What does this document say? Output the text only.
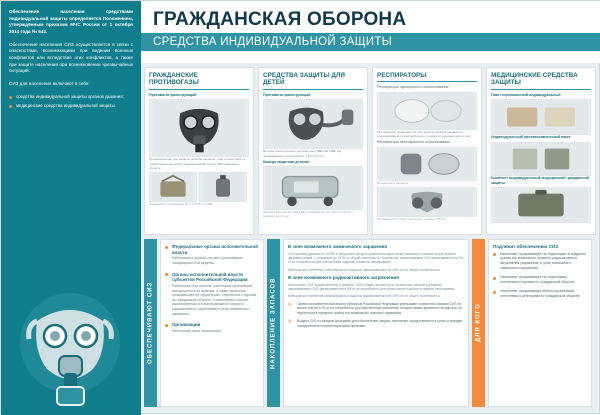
Обеспечение населения средствами индивидуальной защиты определяется Положением, утверждённым приказом МЧС России от 1 октября 2014 года № 543.

Обеспечение населения СИЗ осуществляется в связи с опасностями, возникающими при ведении военных конфликтов или вследствие этих конфликтов, а также при защите населения при возникновении чрезвычайных ситуаций.

СИЗ для населения включают в себя:

средства индивидуальной защиты органов дыхания;
медицинские средства индивидуальной защиты.
ГРАЖДАНСКАЯ ОБОРОНА
СРЕДСТВА ИНДИВИДУАЛЬНОЙ ЗАЩИТЫ
ГРАЖДАНСКИЕ ПРОТИВОГАЗЫ

Противогаз фильтрующий

Предназначены для защиты органов дыхания, глаз и кожи лица от отравляющих веществ, радиоактивной пыли и бактериальных средств.

Гражданские противогазы ГП-7, ГП-7В, ГП-7ВМ.

СРЕДСТВА ЗАЩИТЫ ДЛЯ ДЕТЕЙ

Противогаз фильтрующий

Детские фильтрующие противогазы ПДФ-2Ш, ПДФ-2Д предназначены для детей от 1,5 до 17 лет.

Камера защитная детская

Камера защитная детская КЗД-6 применяется для защиты детей в возрасте до 1,5 лет.

РЕСПИРАТОРЫ

Респираторы однократного использования

Респираторы применяются для защиты органов дыхания от радиоактивной и грунтовой пыли, а также от вредных аэрозолей.

Респираторы многократного использования

Из комплекта фильтры

Респиратор Р-2, У-2К, «Лепесток», «Кама», РПГ-67.

МЕДИЦИНСКИЕ СРЕДСТВА ЗАЩИТЫ

Пакет перевязочный индивидуальный

Индивидуальный противохимический пакет

Комплект индивидуальный медицинский гражданской защиты

ОБЕСПЕЧИВАЮТ СИЗ
Федеральные органы исполнительной власти
Работников и личный состав в организациях, находящихся в их ведении.
Органы исполнительной власти субъектов Российской Федерации
Работников этих органов, работников организаций, находящихся в их ведении, а также население, проживающее на территориях, отнесённых к группам по гражданской обороне, и населённых пунктов, расположенных в зонах возможного опасного радиоактивного загрязнения и (или) химического заражения.
Организации
Работников своих организаций.	НАКОПЛЕНИЕ ЗАПАСОВ

В зоне возможного химического заражения

СИЗ органов дыхания от АХОВ, в результате распространения которых может возникнуть опасность для жизни и здоровья людей — в размере до 100% от общей численности. Количество накапливаемых СИЗ увеличивается на 5% от их потребности для обеспечения подгонки и замены неисправных.

Медицинские средства индивидуальной защиты накапливаются на 30% от их общей численности.

В зоне возможного радиоактивного загрязнения

Накопление СИЗ осуществляется в размере 100% общей численности. Количество запасов (резервов) накапливаемых СИЗ увеличивается на 5% от их потребности для обеспечения подгонки и замены неисправных.

Медицинские средства индивидуальной защиты накапливаются на 30% от их общей численности.

Органы исполнительной власти субъектов Российской Федерации уменьшают количество запасов СИЗ не менее чем на 10% от их потребности для обеспечения населения, которое может временно находиться на территории в пределах границ зон возможного опасного заражения.
Выдача СИЗ из запасов (резервов) для обеспечения защиты населения осуществляется в сроки и порядке, определённые соответствующими органами.	ДЛЯ КОГО

Подлежат обеспечению СИЗ

Население, проживающее на территориях в пределах границ зон возможного опасного радиоактивного загрязнения (заражения) и (или) возможного химического заражения.
Население, проживающее на территориях, отнесённых к группам по гражданской обороне.
Население, проживающее вблизи организаций, отнесённых к категориям по гражданской обороне.
